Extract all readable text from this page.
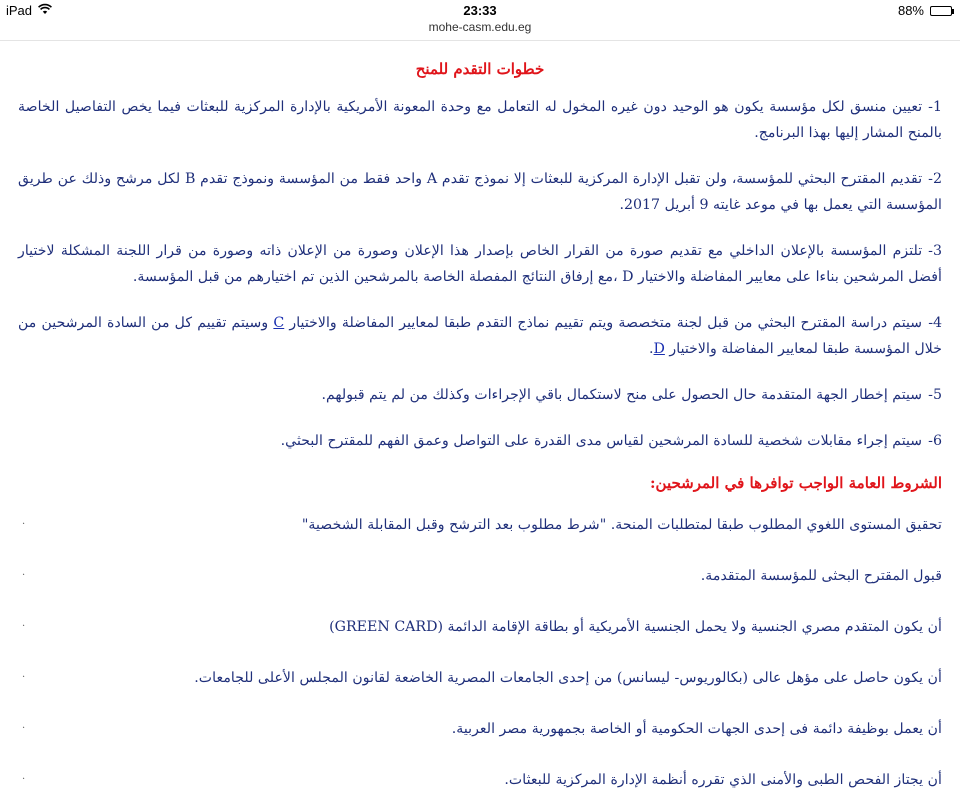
iPad	23:33	88%
mohe-casm.edu.eg
خطوات التقدم للمنح
1-تعيين منسق لكل مؤسسة يكون هو الوحيد دون غيره المخول له التعامل مع وحدة المعونة الأمريكية بالإدارة المركزية للبعثات فيما يخص التفاصيل الخاصة بالمنح المشار إليها بهذا البرنامج.
2-تقديم المقترح البحثي للمؤسسة، ولن تقبل الإدارة المركزية للبعثات إلا نموذج تقدم A واحد فقط من المؤسسة ونموذج تقدم B لكل مرشح وذلك عن طريق المؤسسة التي يعمل بها في موعد غايته 9 أبريل 2017.
3-تلتزم المؤسسة بالإعلان الداخلي مع تقديم صورة من القرار الخاص بإصدار هذا الإعلان وصورة من الإعلان ذاته وصورة من قرار اللجنة المشكلة لاختيار أفضل المرشحين بناءا على معايير المفاضلة والاختيار D ،مع إرفاق النتائج المفصلة الخاصة بالمرشحين الذين تم اختيارهم من قبل المؤسسة.
4-سيتم دراسة المقترح البحثي من قبل لجنة متخصصة ويتم تقييم نماذج التقدم طبقا لمعايير المفاضلة والاختيار C وسيتم تقييم كل من السادة المرشحين من خلال المؤسسة طبقا لمعايير المفاضلة والاختيار D.
5-سيتم إخطار الجهة المتقدمة حال الحصول على منح لاستكمال باقي الإجراءات وكذلك من لم يتم قبولهم.
6-سيتم إجراء مقابلات شخصية للسادة المرشحين لقياس مدى القدرة على التواصل وعمق الفهم للمقترح البحثي.
الشروط العامة الواجب توافرها في المرشحين:
·	تحقيق المستوى اللغوي المطلوب طبقا لمتطلبات المنحة. "شرط مطلوب بعد الترشح وقبل المقابلة الشخصية"
·	قبول المقترح البحثى للمؤسسة المتقدمة.
·	أن يكون المتقدم مصري الجنسية ولا يحمل الجنسية الأمريكية أو بطاقة الإقامة الدائمة (GREEN CARD)
·	أن يكون حاصل على مؤهل عالى (بكالوريوس- ليسانس) من إحدى الجامعات المصرية الخاضعة لقانون المجلس الأعلى للجامعات.
·	أن يعمل بوظيفة دائمة فى إحدى الجهات الحكومية أو الخاصة بجمهورية مصر العربية.
·	أن يجتاز الفحص الطبى والأمنى الذي تقرره أنظمة الإدارة المركزية للبعثات.
